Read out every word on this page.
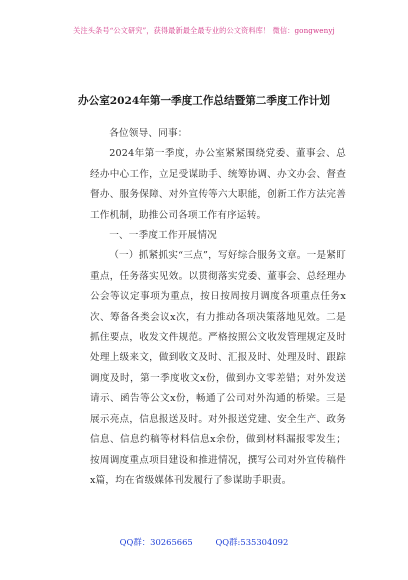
关注头条号“公文研究”，获得最新最全最专业的公文资料库！ 微信：gongwenyj
办公室2024年第一季度工作总结暨第二季度工作计划

各位领导、同事：

2024年第一季度，办公室紧紧围绕党委、董事会、总经办中心工作，立足受谋助手、统筹协调、办文办会、督查督办、服务保障、对外宣传等六大职能，创新工作方法完善工作机制，助推公司各项工作有序运转。

一、一季度工作开展情况

（一）抓紧抓实“三点”，写好综合服务文章。一是紧盯重点，任务落实见效。以贯彻落实党委、董事会、总经理办公会等议定事项为重点，按日按周按月调度各项重点任务x次、筹备各类会议x次，有力推动各项决策落地见效。二是抓住要点，收发文件规范。严格按照公文收发管理规定及时处理上级来文，做到收文及时、汇报及时、处理及时、跟踪调度及时，第一季度收文x份，做到办文零差错；对外发送请示、函告等公文x份，畅通了公司对外沟通的桥梁。三是展示亮点，信息报送及时。对外报送党建、安全生产、政务信息、信息约稿等材料信息x余份，做到材料漏报零发生；按周调度重点项目建设和推进情况，撰写公司对外宣传稿件x篇，均在省级媒体刊发履行了参谋助手职责。

QQ群：30265665	QQ群:535304092
